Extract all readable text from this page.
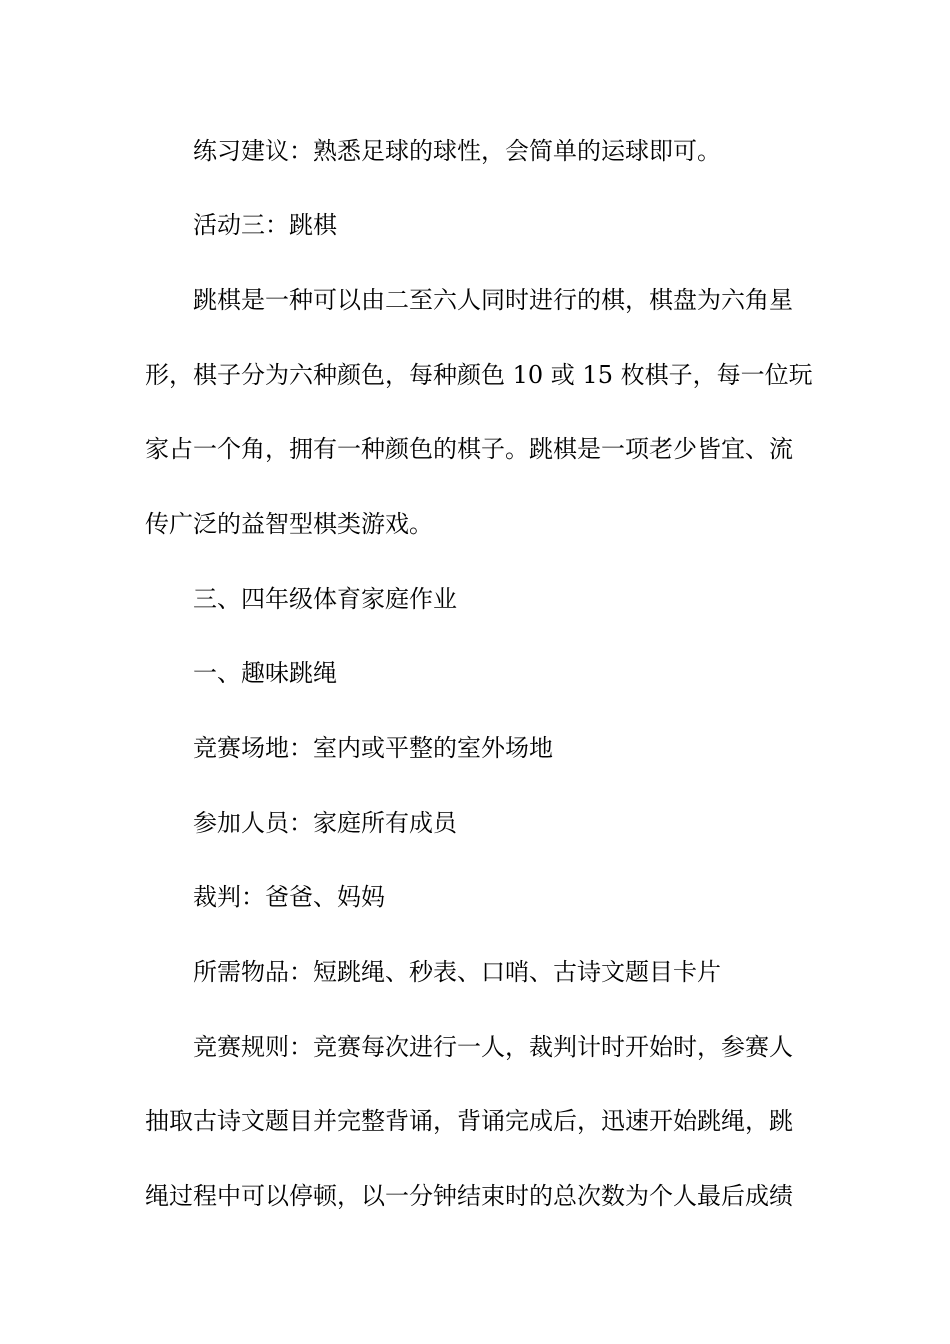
练习建议：熟悉足球的球性，会简单的运球即可。
活动三：跳棋
跳棋是一种可以由二至六人同时进行的棋，棋盘为六角星
形，棋子分为六种颜色，每种颜色 10 或 15 枚棋子，每一位玩
家占一个角，拥有一种颜色的棋子。跳棋是一项老少皆宜、流
传广泛的益智型棋类游戏。
三、四年级体育家庭作业
一、趣味跳绳
竞赛场地：室内或平整的室外场地
参加人员：家庭所有成员
裁判：爸爸、妈妈
所需物品：短跳绳、秒表、口哨、古诗文题目卡片
竞赛规则：竞赛每次进行一人，裁判计时开始时，参赛人
抽取古诗文题目并完整背诵，背诵完成后，迅速开始跳绳，跳
绳过程中可以停顿，以一分钟结束时的总次数为个人最后成绩
